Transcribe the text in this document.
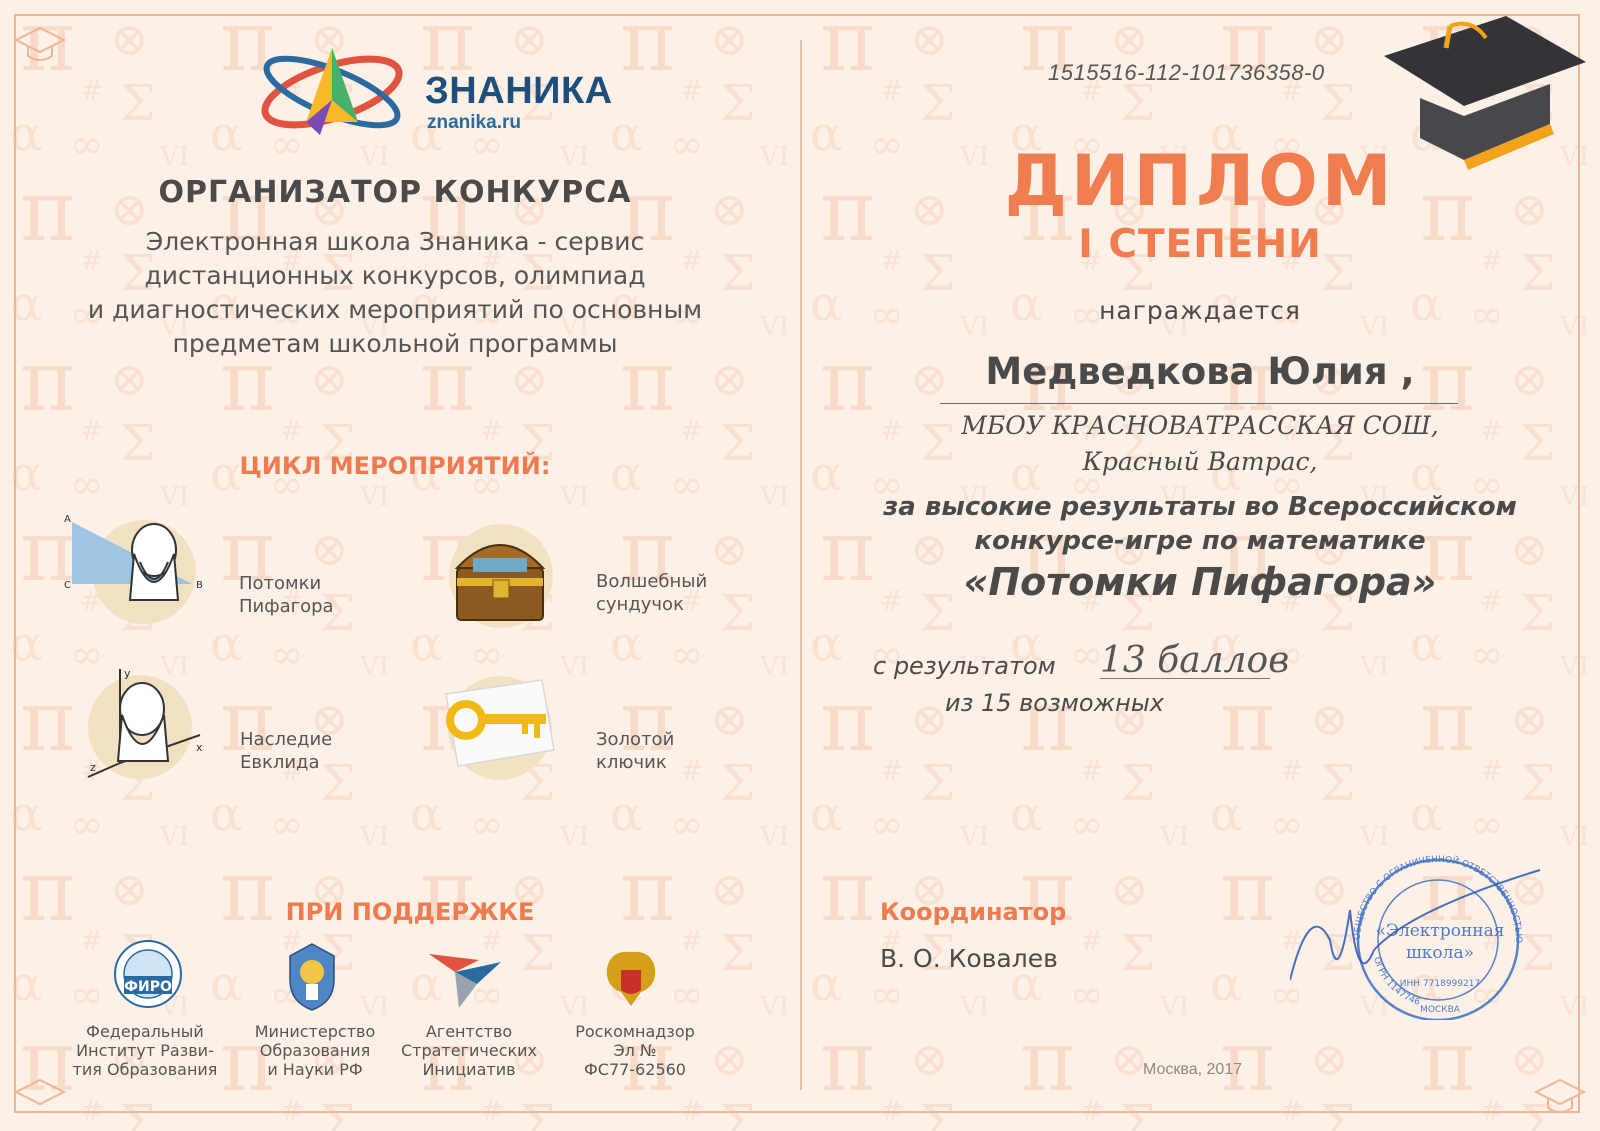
ЗНАНИКА
znanika.ru
ОРГАНИЗАТОР КОНКУРСА
Электронная школа Знаника - сервис
дистанционных конкурсов, олимпиад
и диагностических мероприятий по основным
предметам школьной программы
ЦИКЛ МЕРОПРИЯТИЙ:
A
C	B Потомки
Пифагора
Волшебный
сундучок
y
x
z
Наследие
Евклида
Золотой
ключик
ПРИ ПОДДЕРЖКЕ
ФИРО
Федеральный
Институт Разви-
тия Образования
Министерство
Образования
и Науки РФ
Агентство
Стратегических
Инициатив
Роскомнадзор
Эл №
ФС77-62560
1515516-112-101736358-0
ДИПЛОМ
I СТЕПЕНИ
награждается
Медведкова Юлия ,
МБОУ КРАСНОВАТРАССКАЯ СОШ,
Красный Ватрас,
за высокие результаты во Всероссийском
конкурсе-игре по математике
«Потомки Пифагора»
с результатом 13 баллов
из 15 возможных
Координатор
В. О. Ковалев
ОБЩЕСТВО С ОГРАНИЧЕННОЙ ОТВЕТСТВЕННОСТЬЮ
ОГРН 1147746
«Электронная
школа»
ИНН 7718999217
МОСКВА
Москва, 2017
